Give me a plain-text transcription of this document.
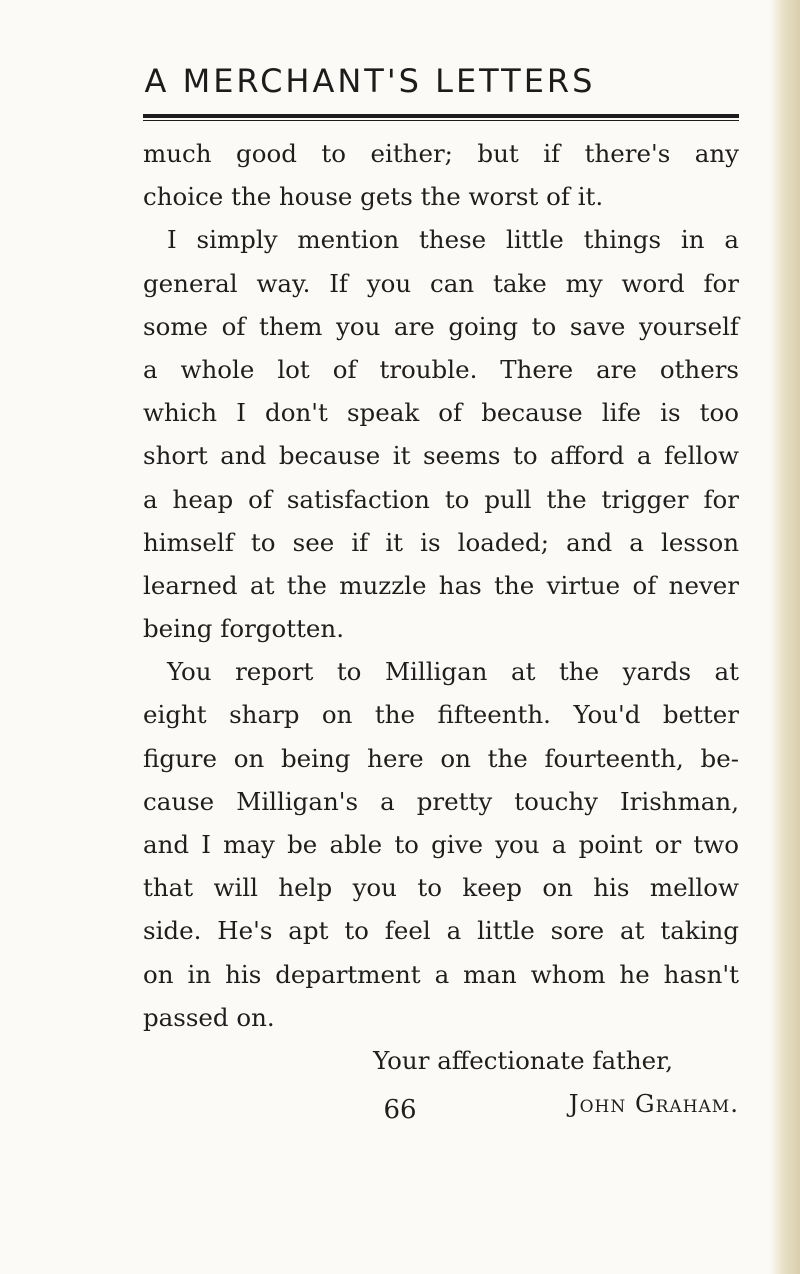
A MERCHANT'S LETTERS
much good to either; but if there's any
choice the house gets the worst of it.
I simply mention these little things in a
general way. If you can take my word for
some of them you are going to save yourself
a whole lot of trouble. There are others
which I don't speak of because life is too
short and because it seems to afford a fellow
a heap of satisfaction to pull the trigger for
himself to see if it is loaded; and a lesson
learned at the muzzle has the virtue of never
being forgotten.
You report to Milligan at the yards at
eight sharp on the fifteenth. You'd better
figure on being here on the fourteenth, be-
cause Milligan's a pretty touchy Irishman,
and I may be able to give you a point or two
that will help you to keep on his mellow
side. He's apt to feel a little sore at taking
on in his department a man whom he hasn't
passed on.
Your affectionate father,
John Graham.
66
